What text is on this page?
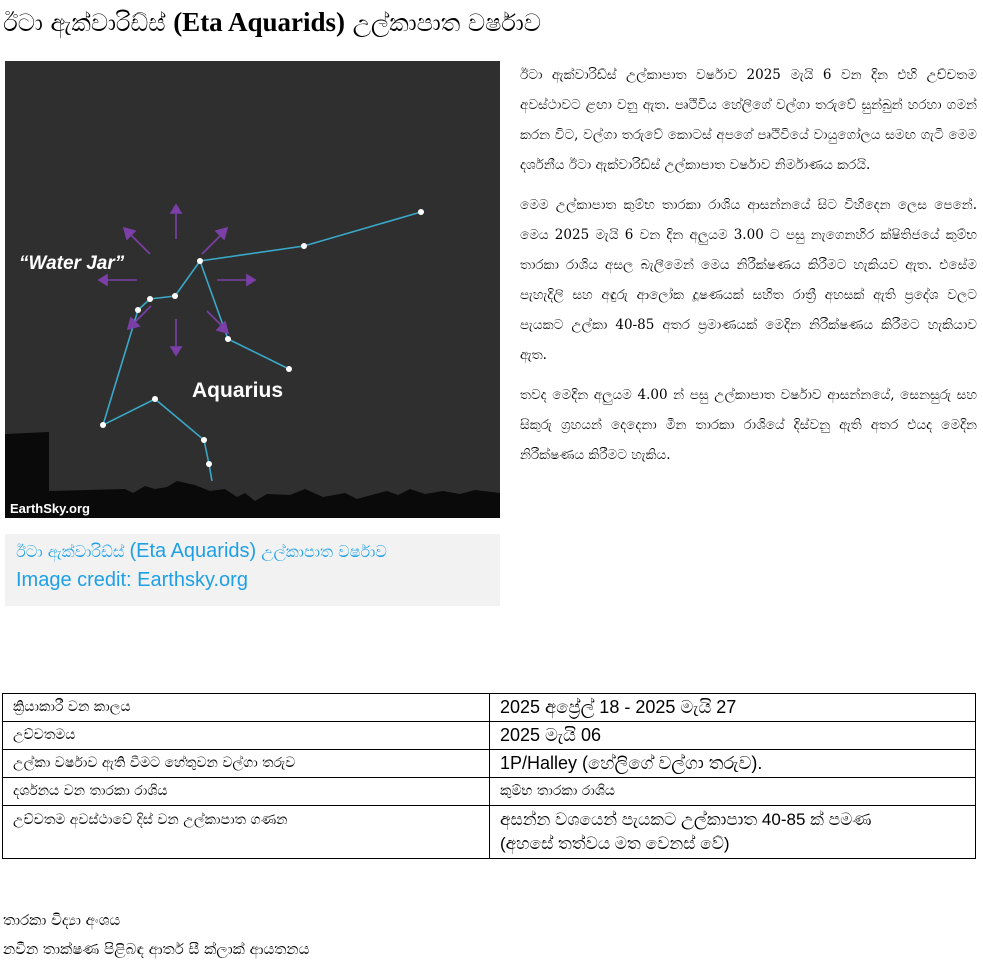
ඊටා ඇක්වාරිඩ්ස් (Eta Aquarids) උල්කාපාත වර්ෂාව
“Water Jar”
Aquarius
EarthSky.org
ඊටා ඇක්වාරිඩ්ස් (Eta Aquarids) උල්කාපාත වර්ෂාව
Image credit: Earthsky.org

ඊටා ඇක්වාරිඩ්ස් උල්කාපාත වර්ෂාව 2025 මැයි 6 වන දින එහි උච්චතම අවස්ථාවට ළඟා වනු ඇත. පෘථිවිය හේලිගේ වල්ගා තරුවේ සුන්බුන් හරහා ගමන් කරන විට, වල්ගා තරුවේ කොටස් අපගේ පෘථිවියේ වායුගෝලය සමඟ ගැටී මෙම දර්ශනීය ඊටා ඇක්වාරිඩ්ස් උල්කාපාත වර්ෂාව නිර්මාණය කරයි.

මෙම උල්කාපාත කුම්භ තාරකා රාශිය ආසන්නයේ සිට විහිදෙන ලෙස පෙනේ. මෙය 2025 මැයි 6 වන දින අලුයම 3.00 ට පසු නැගෙනහිර ක්ෂිතිජයේ කුම්භ තාරකා රාශිය අසල බැලීමෙන් මෙය නිරීක්ෂණය කිරීමට හැකියව ඇත. එසේම පැහැදිලි සහ අඳුරු ආලෝක දූෂණයක් සහිත රාත්‍රී අහසක් ඇති ප්‍රදේශ වලට පැයකට උල්කා 40-85 අතර ප්‍රමාණයක් මෙදින නිරීක්ෂණය කිරීමට හැකියාව ඇත.

තවද මෙදින අලුයම 4.00 න් පසු උල්කාපාත වර්ෂාව ආසන්නයේ, සෙනසුරු සහ සිකුරු ග්‍රහයන් දෙදෙනා මීන තාරකා රාශියේ දිස්වනු ඇති අතර එයද මෙදින නිරීක්ෂණය කිරීමට හැකිය.

ක්‍රියාකාරී වන කාලය	2025 අප්‍රේල් 18 - 2025 මැයි 27
උච්චතමය	2025 මැයි 06
උල්කා වර්ෂාව ඇති වීමට හේතුවන වල්ගා තරුව	1P/Halley (හේලිගේ වල්ගා තරුව).
දර්ශනය වන තාරකා රාශිය	කුම්භ තාරකා රාශිය
උච්චතම අවස්ථාවේ දිස් වන උල්කාපාත ගණන	අසන්න වශයෙන් පැයකට උල්කාපාත 40-85 ක් පමණ
(අහසේ තත්වය මත වෙනස් වේ)
තාරකා විද්‍යා අංශය
නවීන තාක්ෂණ පිළිබඳ ආතර් සී ක්ලාක් ආයතනය
